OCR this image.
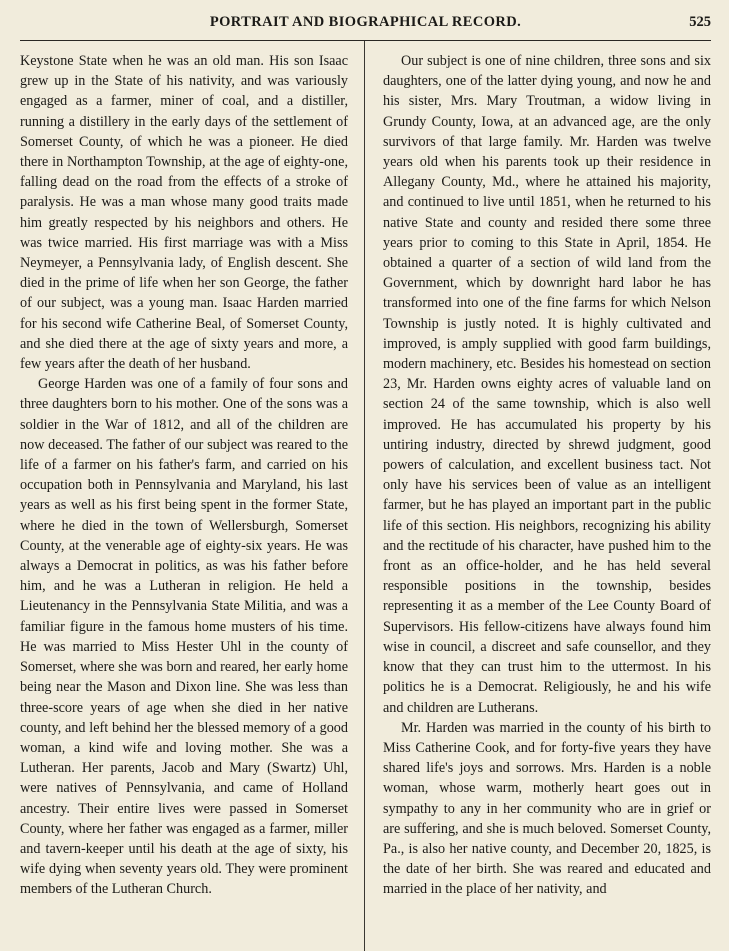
PORTRAIT AND BIOGRAPHICAL RECORD.	525

Keystone State when he was an old man. His son Isaac grew up in the State of his nativity, and was variously engaged as a farmer, miner of coal, and a distiller, running a distillery in the early days of the settlement of Somerset County, of which he was a pioneer. He died there in Northampton Township, at the age of eighty-one, falling dead on the road from the effects of a stroke of paralysis. He was a man whose many good traits made him greatly respected by his neighbors and others. He was twice married. His first marriage was with a Miss Neymeyer, a Pennsylvania lady, of English descent. She died in the prime of life when her son George, the father of our subject, was a young man. Isaac Harden married for his second wife Catherine Beal, of Somerset County, and she died there at the age of sixty years and more, a few years after the death of her husband.

George Harden was one of a family of four sons and three daughters born to his mother. One of the sons was a soldier in the War of 1812, and all of the children are now deceased. The father of our subject was reared to the life of a farmer on his father's farm, and carried on his occupation both in Pennsylvania and Maryland, his last years as well as his first being spent in the former State, where he died in the town of Wellersburgh, Somerset County, at the venerable age of eighty-six years. He was always a Democrat in politics, as was his father before him, and he was a Lutheran in religion. He held a Lieutenancy in the Pennsylvania State Militia, and was a familiar figure in the famous home musters of his time. He was married to Miss Hester Uhl in the county of Somerset, where she was born and reared, her early home being near the Mason and Dixon line. She was less than three-score years of age when she died in her native county, and left behind her the blessed memory of a good woman, a kind wife and loving mother. She was a Lutheran. Her parents, Jacob and Mary (Swartz) Uhl, were natives of Pennsylvania, and came of Holland ancestry. Their entire lives were passed in Somerset County, where her father was engaged as a farmer, miller and tavern-keeper until his death at the age of sixty, his wife dying when seventy years old. They were prominent members of the Lutheran Church.

Our subject is one of nine children, three sons and six daughters, one of the latter dying young, and now he and his sister, Mrs. Mary Troutman, a widow living in Grundy County, Iowa, at an advanced age, are the only survivors of that large family. Mr. Harden was twelve years old when his parents took up their residence in Allegany County, Md., where he attained his majority, and continued to live until 1851, when he returned to his native State and county and resided there some three years prior to coming to this State in April, 1854. He obtained a quarter of a section of wild land from the Government, which by downright hard labor he has transformed into one of the fine farms for which Nelson Township is justly noted. It is highly cultivated and improved, is amply supplied with good farm buildings, modern machinery, etc. Besides his homestead on section 23, Mr. Harden owns eighty acres of valuable land on section 24 of the same township, which is also well improved. He has accumulated his property by his untiring industry, directed by shrewd judgment, good powers of calculation, and excellent business tact. Not only have his services been of value as an intelligent farmer, but he has played an important part in the public life of this section. His neighbors, recognizing his ability and the rectitude of his character, have pushed him to the front as an office-holder, and he has held several responsible positions in the township, besides representing it as a member of the Lee County Board of Supervisors. His fellow-citizens have always found him wise in council, a discreet and safe counsellor, and they know that they can trust him to the uttermost. In his politics he is a Democrat. Religiously, he and his wife and children are Lutherans.

Mr. Harden was married in the county of his birth to Miss Catherine Cook, and for forty-five years they have shared life's joys and sorrows. Mrs. Harden is a noble woman, whose warm, motherly heart goes out in sympathy to any in her community who are in grief or are suffering, and she is much beloved. Somerset County, Pa., is also her native county, and December 20, 1825, is the date of her birth. She was reared and educated and married in the place of her nativity, and
